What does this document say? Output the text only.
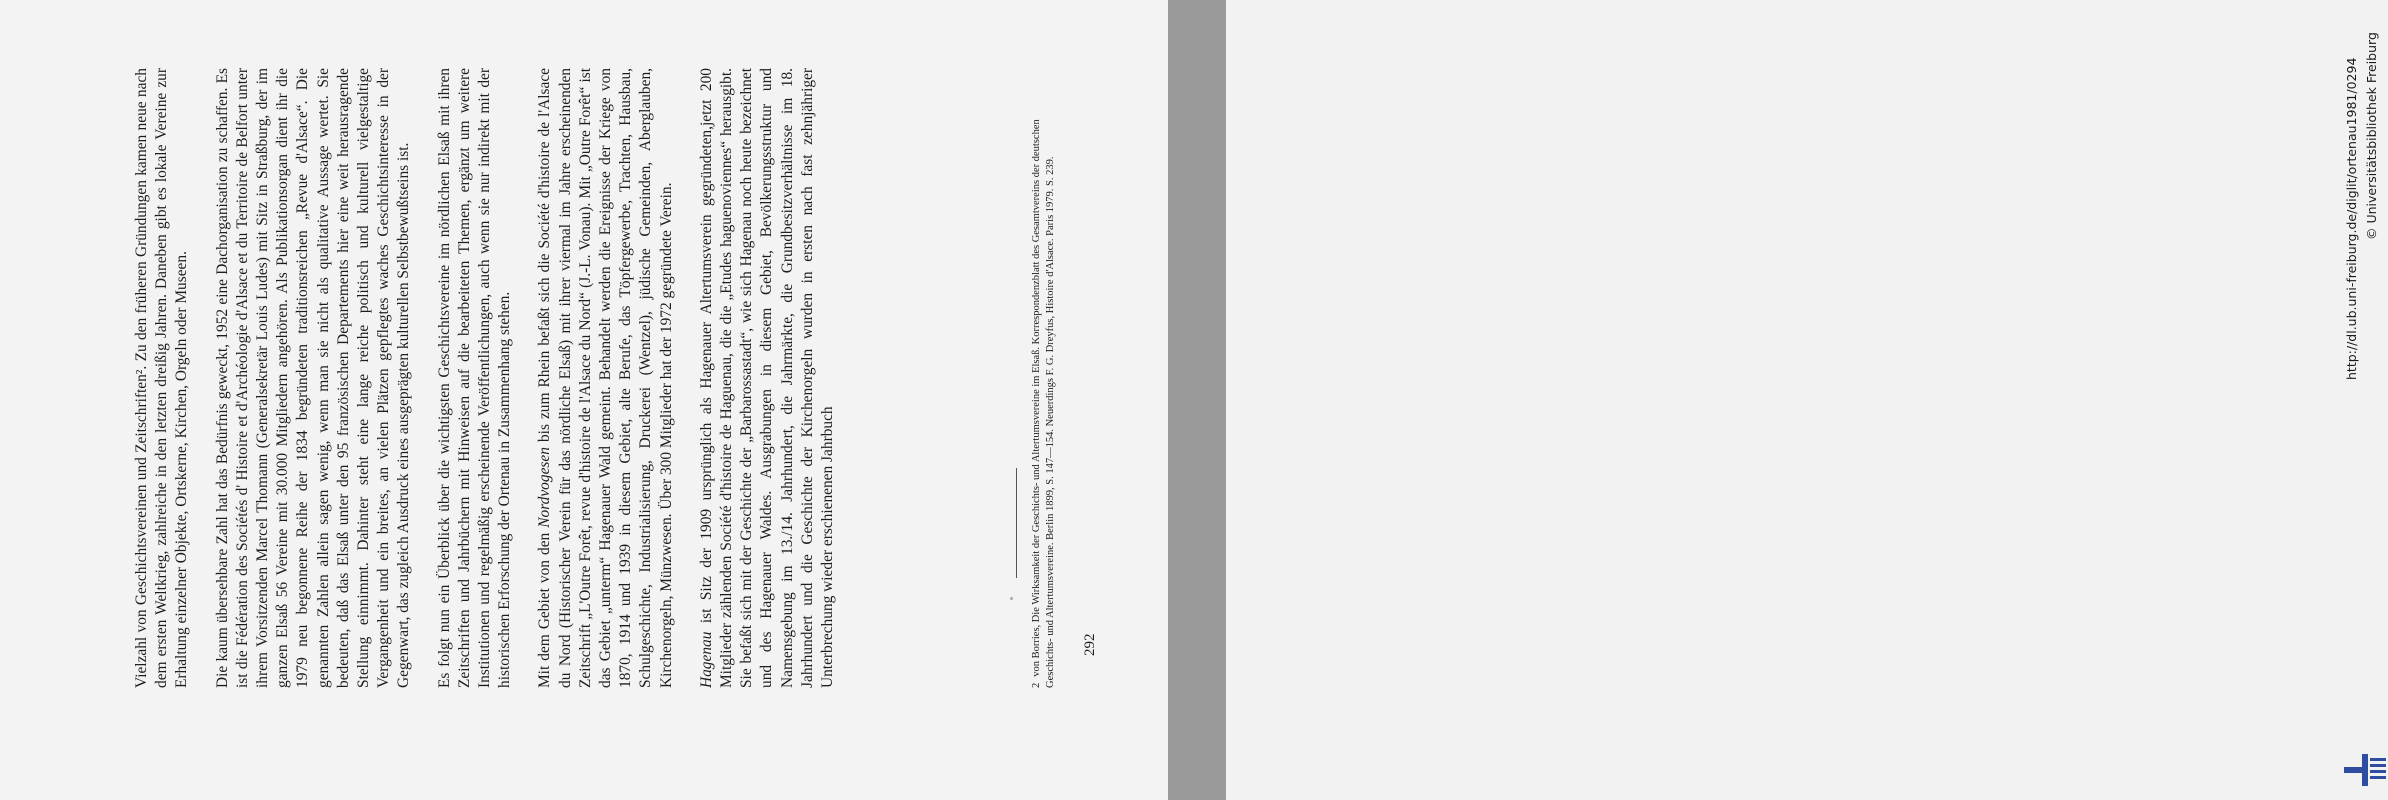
Vielzahl von Geschichtsvereinen und Zeitschriften². Zu den früheren Gründungen kamen neue nach dem ersten Weltkrieg, zahlreiche in den letzten dreißig Jahren. Daneben gibt es lokale Vereine zur Erhaltung einzelner Objekte, Ortskerne, Kirchen, Orgeln oder Museen. Die kaum übersehbare Zahl hat das Bedürfnis geweckt, 1952 eine Dachorganisation zu schaffen. Es ist die Fédération des Sociétés d' Histoire et d'Archéologie d'Alsace et du Territoire de Belfort unter ihrem Vorsitzenden Marcel Thomann (Generalsekretär Louis Ludes) mit Sitz in Straßburg, der im ganzen Elsaß 56 Vereine mit 30.000 Mitgliedern angehören. Als Publikationsorgan dient ihr die 1979 neu begonnene Reihe der 1834 begründeten traditionsreichen „Revue d'Alsace“. Die genannten Zahlen allein sagen wenig, wenn man sie nicht als qualitative Aussage wertet. Sie bedeuten, daß das Elsaß unter den 95 französischen Departements hier eine weit herausragende Stellung einnimmt. Dahinter steht eine lange reiche politisch und kulturell vielgestaltige Vergangenheit und ein breites, an vielen Plätzen gepflegtes waches Geschichtsinteresse in der Gegenwart, das zugleich Ausdruck eines ausgeprägten kulturellen Selbstbewußtseins ist. Es folgt nun ein Überblick über die wichtigsten Geschichtsvereine im nördlichen Elsaß mit ihren Zeitschriften und Jahrbüchern mit Hinweisen auf die bearbeiteten Themen, ergänzt um weitere Institutionen und regelmäßig erscheinende Veröffentlichungen, auch wenn sie nur indirekt mit der historischen Erforschung der Ortenau in Zusammenhang stehen. Mit dem Gebiet von den Nordvogesen bis zum Rhein befaßt sich die Société d'histoire de l'Alsace du Nord (Historischer Verein für das nördliche Elsaß) mit ihrer viermal im Jahre erscheinenden Zeitschrift „L'Outre Forêt, revue d'histoire de l'Alsace du Nord“ (J.-L. Vonau). Mit „Outre Forêt“ ist das Gebiet „unterm“ Hagenauer Wald gemeint. Behandelt werden die Ereignisse der Kriege von 1870, 1914 und 1939 in diesem Gebiet, alte Berufe, das Töpfergewerbe, Trachten, Hausbau, Schulgeschichte, Industrialisierung, Druckerei (Wentzel), jüdische Gemeinden, Aberglauben, Kirchenorgeln, Münzwesen. Über 300 Mitglieder hat der 1972 gegründete Verein. Hagenau ist Sitz der 1909 ursprünglich als Hagenauer Altertumsverein gegründeten,jetzt 200 Mitglieder zählenden Société d'histoire de Haguenau, die die „Etudes haguenoviennes“ herausgibt. Sie befaßt sich mit der Geschichte der „Barbarossastadt“, wie sich Hagenau noch heute bezeichnet und des Hagenauer Waldes. Ausgrabungen in diesem Gebiet, Bevölkerungsstruktur und Namensgebung im 13./14. Jahrhundert, die Jahrmärkte, die Grundbesitzverhältnisse im 18. Jahrhundert und die Geschichte der Kirchenorgeln wurden in ersten nach fast zehnjähriger Unterbrechung wieder erschienenen Jahrbuch	2von Borries, Die Wirksamkeit der Geschichts- und Altertumsvereine im Elsaß. Korrespondenzblatt des Gesamtvereins der deutschen Geschichts- und Altertumsvereine. Berlin 1899, S. 147—154. Neuerdings F. G. Dreyfus, Histoire d'Alsace. Paris 1979. S. 239.	292
http://dl.ub.uni-freiburg.de/diglit/ortenau1981/0294 © Universitätsbibliothek Freiburg
